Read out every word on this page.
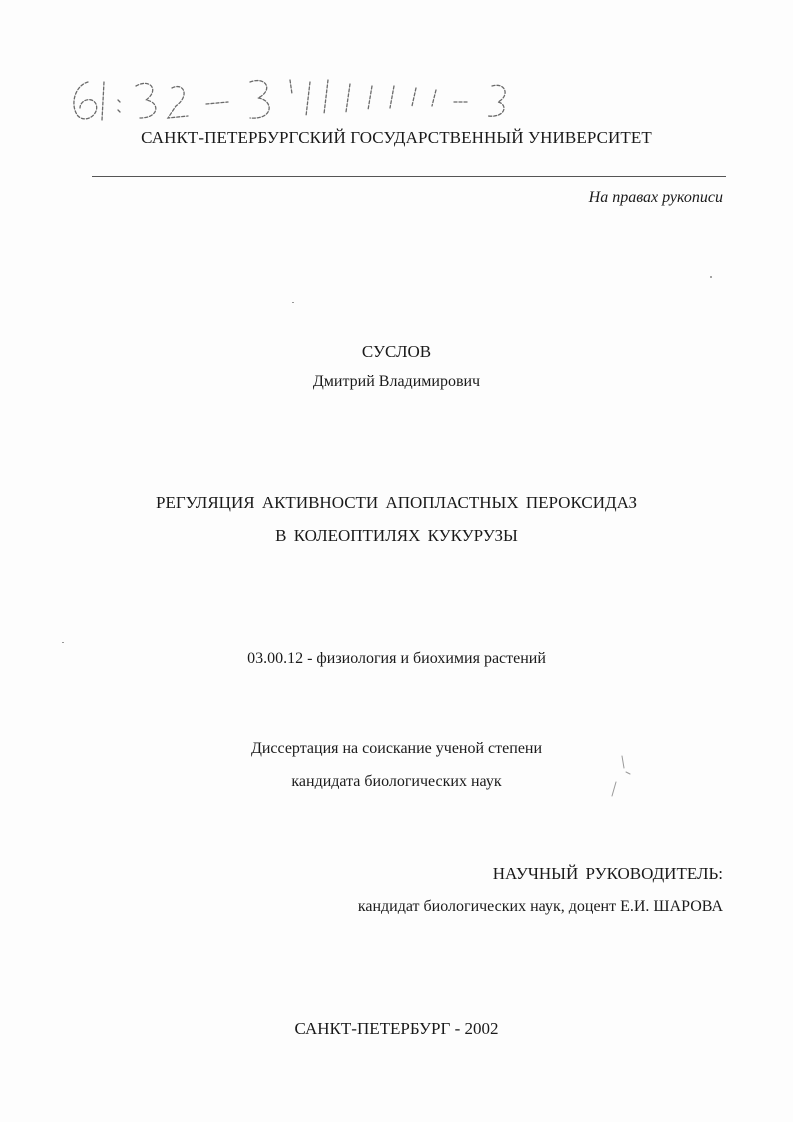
61:02-3/1111-9	САНКТ-ПЕТЕРБУРГСКИЙ ГОСУДАРСТВЕННЫЙ УНИВЕРСИТЕТ
На правах рукописи
СУСЛОВ
Дмитрий Владимирович
РЕГУЛЯЦИЯ АКТИВНОСТИ АПОПЛАСТНЫХ ПЕРОКСИДАЗ
В КОЛЕОПТИЛЯХ КУКУРУЗЫ
03.00.12 - физиология и биохимия растений
Диссертация на соискание ученой степени
кандидата биологических наук
НАУЧНЫЙ РУКОВОДИТЕЛЬ:
кандидат биологических наук, доцент Е.И. ШАРОВА
САНКТ-ПЕТЕРБУРГ - 2002
